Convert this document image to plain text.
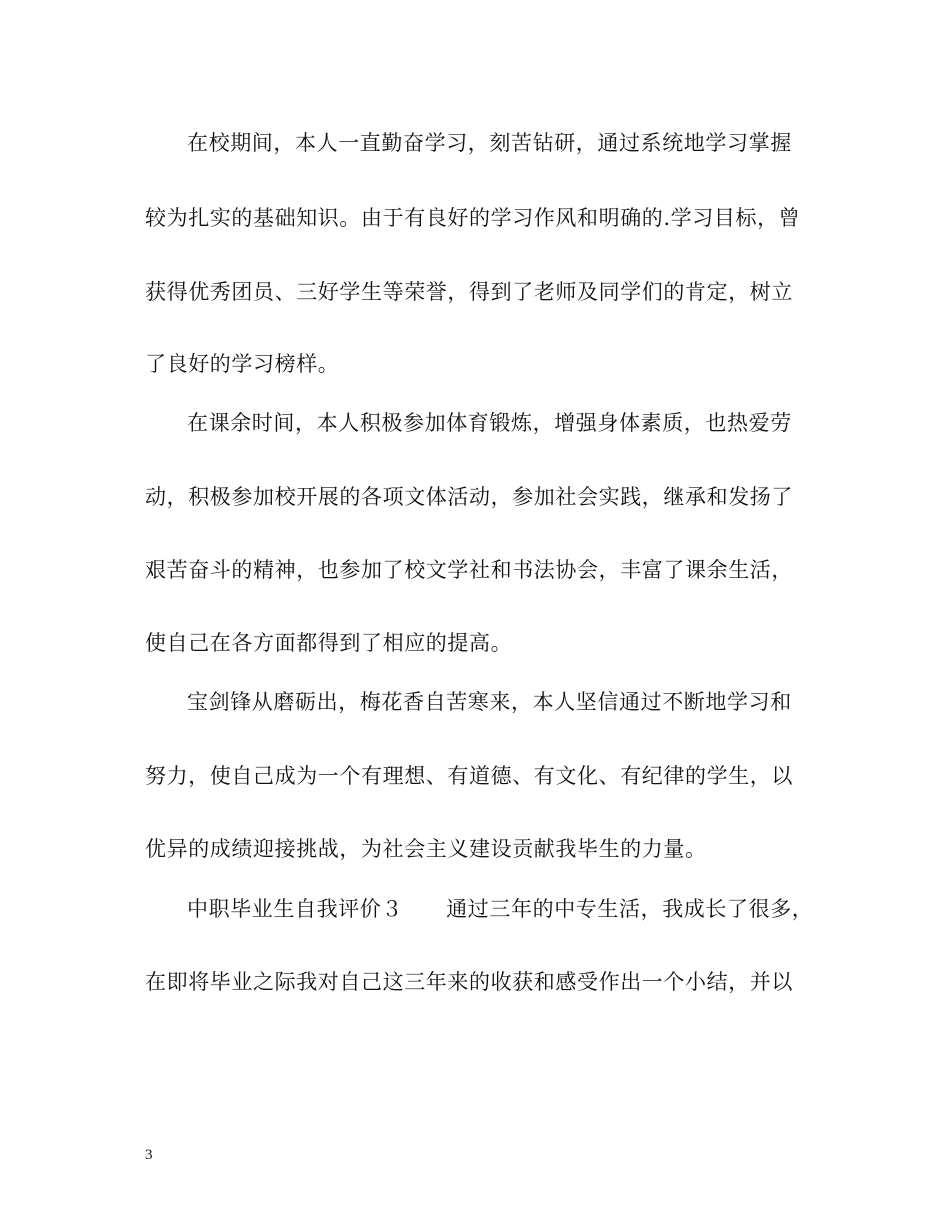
在校期间，本人一直勤奋学习，刻苦钻研，通过系统地学习掌握
较为扎实的基础知识。由于有良好的学习作风和明确的.学习目标，曾
获得优秀团员、三好学生等荣誉，得到了老师及同学们的肯定，树立
了良好的学习榜样。
在课余时间，本人积极参加体育锻炼，增强身体素质，也热爱劳
动，积极参加校开展的各项文体活动，参加社会实践，继承和发扬了
艰苦奋斗的精神，也参加了校文学社和书法协会，丰富了课余生活，
使自己在各方面都得到了相应的提高。
宝剑锋从磨砺出，梅花香自苦寒来，本人坚信通过不断地学习和
努力，使自己成为一个有理想、有道德、有文化、有纪律的学生，以
优异的成绩迎接挑战，为社会主义建设贡献我毕生的力量。
中职毕业生自我评价３　　通过三年的中专生活，我成长了很多，
在即将毕业之际我对自己这三年来的收获和感受作出一个小结，并以
3
